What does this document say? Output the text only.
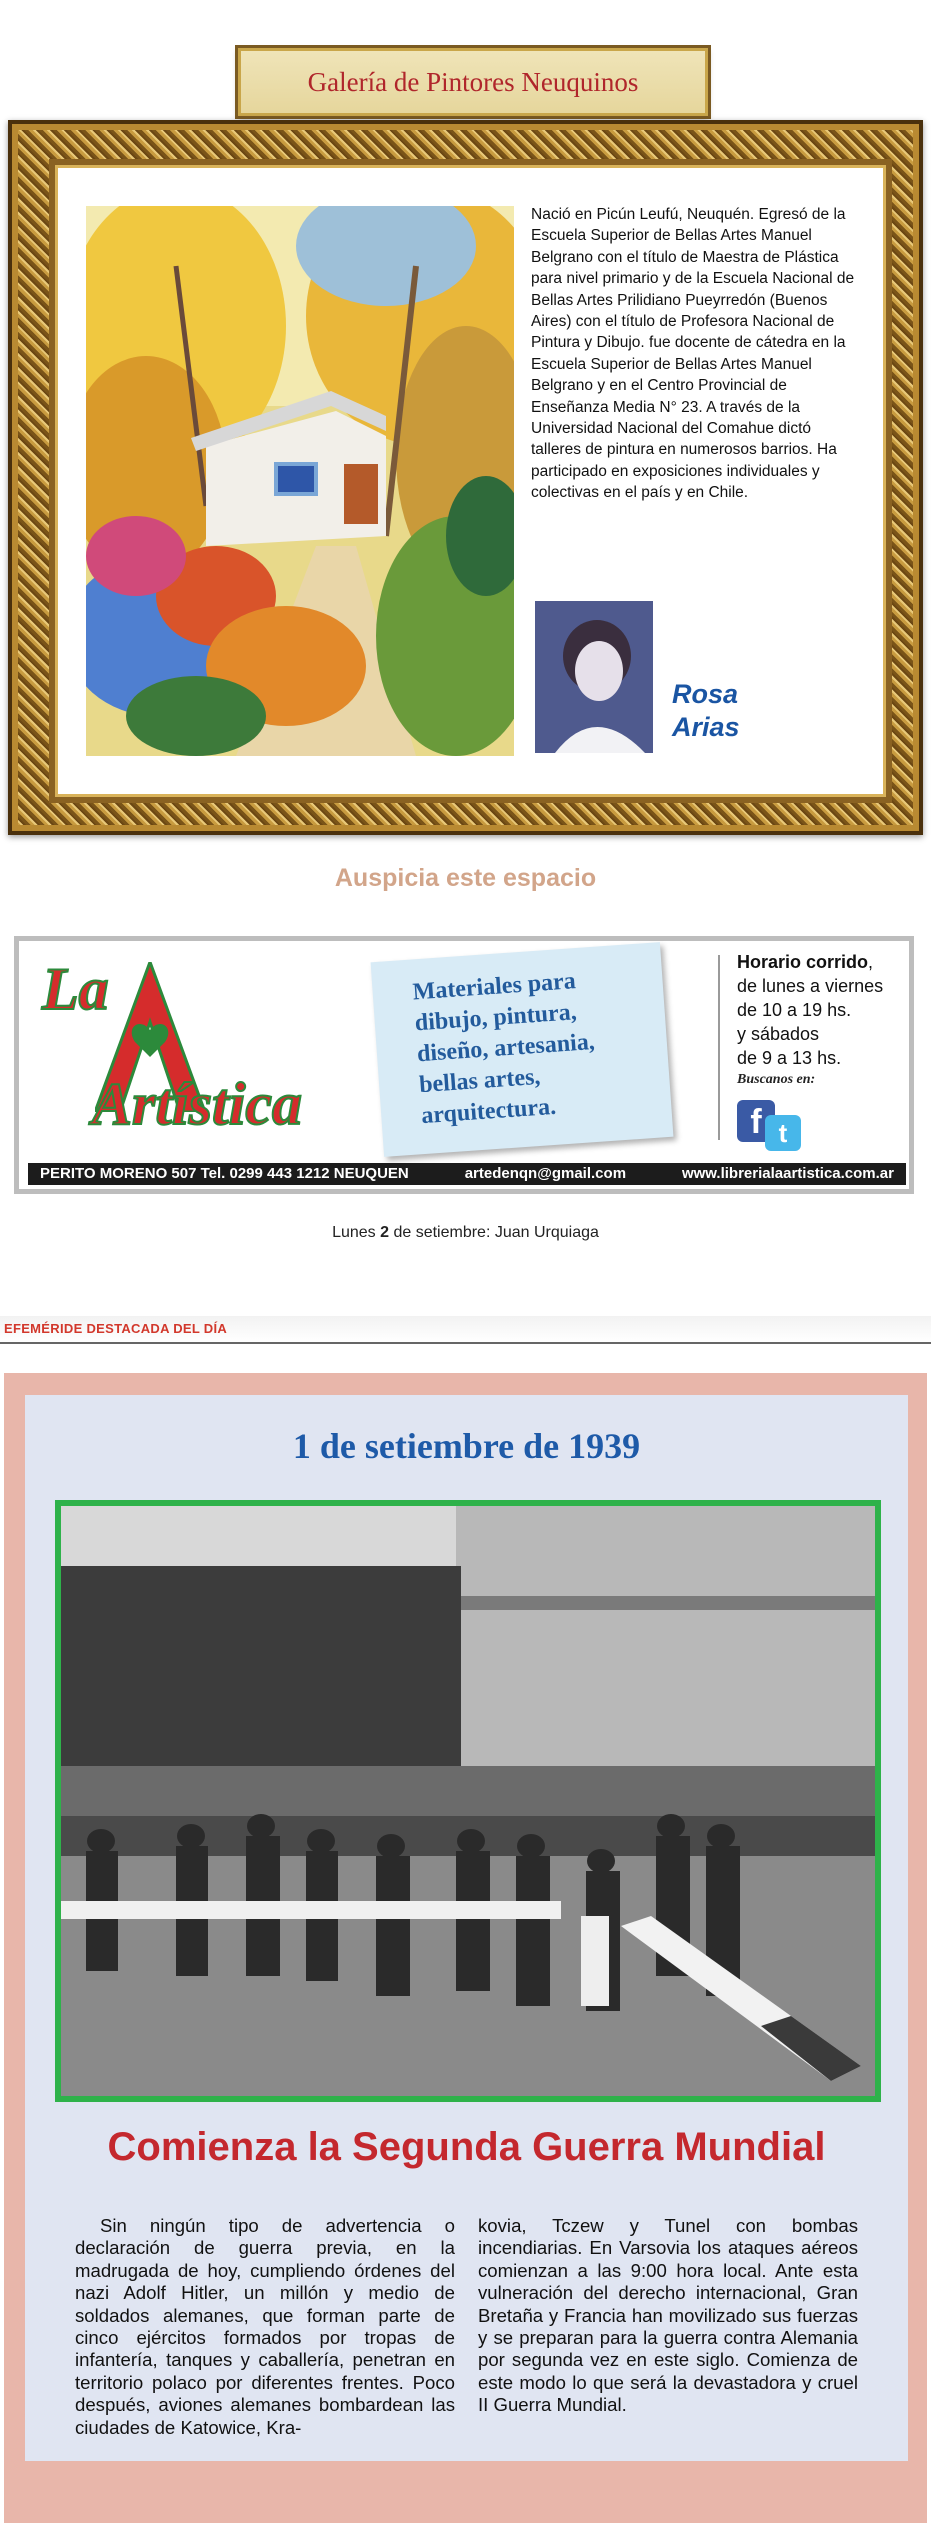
Galería de Pintores Neuquinos
Nació en Picún Leufú, Neuquén. Egresó de la Escuela Superior de Bellas Artes Manuel Belgrano con el título de Maestra de Plástica para nivel primario y de la Escuela Nacional de Bellas Artes Prilidiano Pueyrredón (Buenos Aires) con el título de Profesora Nacional de Pintura y Dibujo. fue docente de cátedra en la Escuela Superior de Bellas Artes Manuel Belgrano y en el Centro Provincial de Enseñanza Media N° 23. A través de la Universidad Nacional del Comahue dictó talleres de pintura en numerosos barrios. Ha participado en exposiciones individuales y colectivas en el país y en Chile.
Rosa
Arias
Auspicia este espacio
La
Artística
Materiales para
dibujo, pintura,
diseño, artesania,
bellas artes,
arquitectura.
Horario corrido,
de lunes a viernes
de 10 a 19 hs.
y sábados
de 9 a 13 hs.
Buscanos en:
f t
PERITO MORENO 507 Tel. 0299 443 1212 NEUQUEN	artedenqn@gmail.com	www.librerialaartistica.com.ar
Lunes 2 de setiembre: Juan Urquiaga
EFEMÉRIDE DESTACADA DEL DÍA
1 de setiembre de 1939
Comienza la Segunda Guerra Mundial
Sin ningún tipo de advertencia o declaración de guerra previa, en la madrugada de hoy, cumpliendo órdenes del nazi Adolf Hitler, un millón y medio de soldados alemanes, que forman parte de cinco ejércitos formados por tropas de infantería, tanques y caballería, penetran en territorio polaco por diferentes frentes. Poco después, aviones alemanes bombardean las ciudades de Katowice, Kra-
kovia, Tczew y Tunel con bombas incendiarias. En Varsovia los ataques aéreos comienzan a las 9:00 hora local. Ante esta vulneración del derecho internacional, Gran Bretaña y Francia han movilizado sus fuerzas y se preparan para la guerra contra Alemania por segunda vez en este siglo. Comienza de este modo lo que será la devastadora y cruel II Guerra Mundial.
